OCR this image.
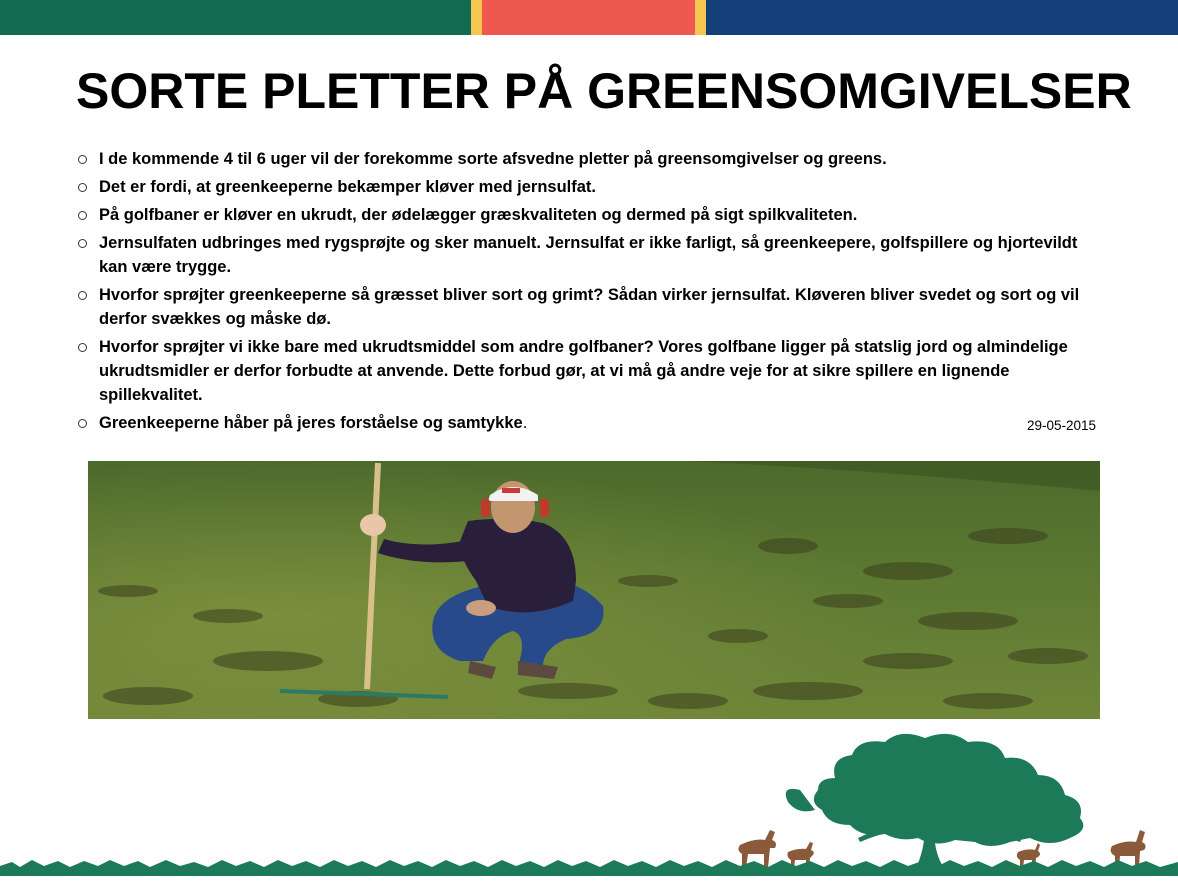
SORTE PLETTER PÅ GREENSOMGIVELSER
I de kommende 4 til 6 uger vil der forekomme sorte afsvedne pletter på greensomgivelser og greens.
Det er fordi, at greenkeeperne bekæmper kløver med jernsulfat.
På golfbaner er kløver en ukrudt, der ødelægger græskvaliteten og dermed på sigt spilkvaliteten.
Jernsulfaten udbringes med rygsprøjte og sker manuelt. Jernsulfat er ikke farligt, så greenkeepere, golfspillere og hjortevildt kan være trygge.
Hvorfor sprøjter greenkeeperne så græsset bliver sort og grimt? Sådan virker jernsulfat. Kløveren bliver svedet og sort og vil derfor svækkes og måske dø.
Hvorfor sprøjter vi ikke bare med ukrudtsmiddel som andre golfbaner? Vores golfbane ligger på statslig jord og almindelige ukrudtsmidler er derfor forbudte at anvende. Dette forbud gør, at vi må gå andre veje for at sikre spillere en lignende spillekvalitet.
Greenkeeperne håber på jeres forståelse og samtykke.	29-05-2015
